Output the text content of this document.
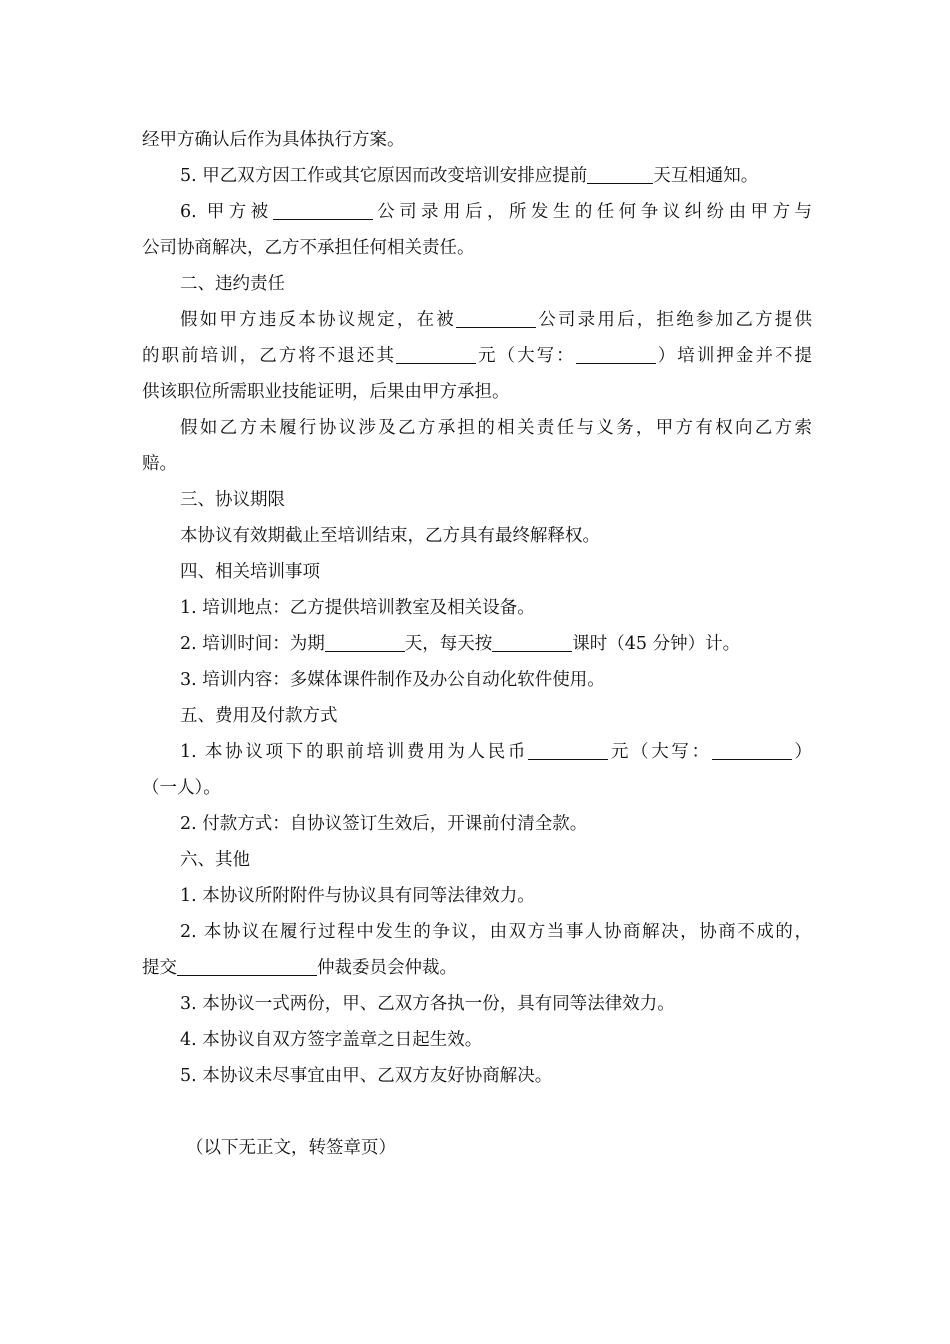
经甲方确认后作为具体执行方案。

5. 甲乙双方因工作或其它原因而改变培训安排应提前	天互相通知。

6. 甲方被	公司录用后，所发生的任何争议纠纷由甲方与

公司协商解决，乙方不承担任何相关责任。

二、违约责任

假如甲方违反本协议规定，在被	公司录用后，拒绝参加乙方提供

的职前培训，乙方将不退还其	元（大写：	）培训押金并不提

供该职位所需职业技能证明，后果由甲方承担。

假如乙方未履行协议涉及乙方承担的相关责任与义务，甲方有权向乙方索

赔。

三、协议期限

本协议有效期截止至培训结束，乙方具有最终解释权。

四、相关培训事项

1. 培训地点：乙方提供培训教室及相关设备。

2. 培训时间：为期	天，每天按	课时（45 分钟）计。

3. 培训内容：多媒体课件制作及办公自动化软件使用。

五、费用及付款方式

1. 本协议项下的职前培训费用为人民币	元（大写：	）

（一人）。

2. 付款方式：自协议签订生效后，开课前付清全款。

六、其他

1. 本协议所附附件与协议具有同等法律效力。

2. 本协议在履行过程中发生的争议，由双方当事人协商解决，协商不成的，

提交	仲裁委员会仲裁。

3. 本协议一式两份，甲、乙双方各执一份，具有同等法律效力。

4. 本协议自双方签字盖章之日起生效。

5. 本协议未尽事宜由甲、乙双方友好协商解决。

（以下无正文，转签章页）
